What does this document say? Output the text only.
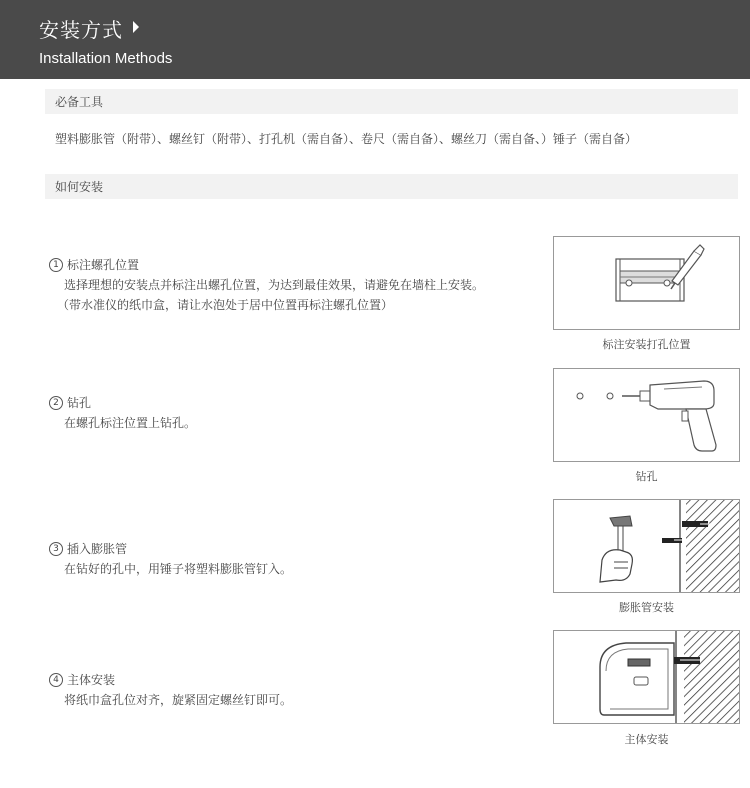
安装方式
Installation Methods
必备工具
塑料膨胀管（附带）、螺丝钉（附带）、打孔机（需自备）、卷尺（需自备）、螺丝刀（需自备、）锤子（需自备）
如何安装
1 标注螺孔位置
选择理想的安装点并标注出螺孔位置，为达到最佳效果，请避免在墙柱上安装。
（带水准仪的纸巾盒，请让水泡处于居中位置再标注螺孔位置）
标注安装打孔位置
2 钻孔
在螺孔标注位置上钻孔。
钻孔
3 插入膨胀管
在钻好的孔中，用锤子将塑料膨胀管钉入。
膨胀管安装
4 主体安装
将纸巾盒孔位对齐，旋紧固定螺丝钉即可。
主体安装
